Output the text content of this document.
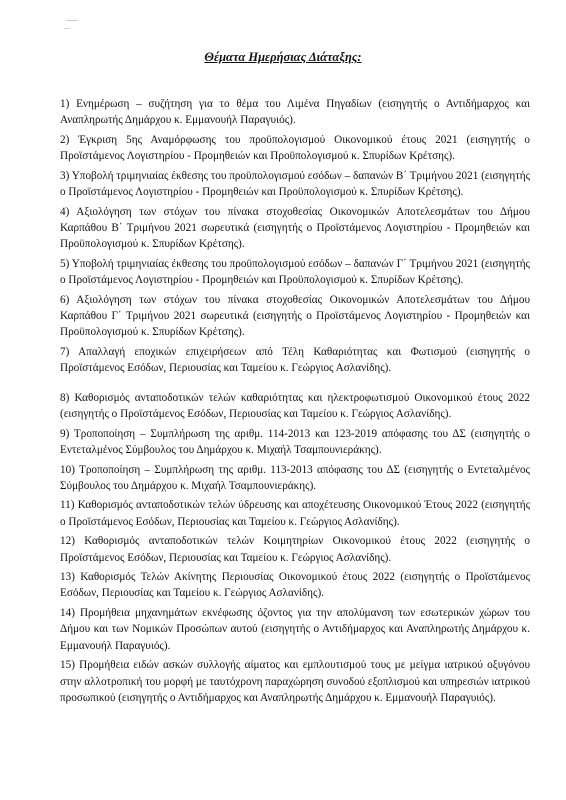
Θέματα Ημερήσιας Διάταξης:

1) Ενημέρωση – συζήτηση για το θέμα του Λιμένα Πηγαδίων (εισηγητής ο Αντιδήμαρχος και Αναπληρωτής Δημάρχου κ. Εμμανουήλ Παραγυιός).

2) Έγκριση 5ης Αναμόρφωσης του προϋπολογισμού Οικονομικού έτους 2021 (εισηγητής ο Προϊστάμενος Λογιστηρίου - Προμηθειών και Προϋπολογισμού κ. Σπυρίδων Κρέτσης).

3) Υποβολή τριμηνιαίας έκθεσης του προϋπολογισμού εσόδων – δαπανών Β΄ Τριμήνου 2021 (εισηγητής ο Προϊστάμενος Λογιστηρίου - Προμηθειών και Προϋπολογισμού κ. Σπυρίδων Κρέτσης).

4) Αξιολόγηση των στόχων του πίνακα στοχοθεσίας Οικονομικών Αποτελεσμάτων του Δήμου Καρπάθου Β΄ Τριμήνου 2021 σωρευτικά (εισηγητής ο Προϊστάμενος Λογιστηρίου - Προμηθειών και Προϋπολογισμού κ. Σπυρίδων Κρέτσης).

5) Υποβολή τριμηνιαίας έκθεσης του προϋπολογισμού εσόδων – δαπανών Γ΄ Τριμήνου 2021 (εισηγητής ο Προϊστάμενος Λογιστηρίου - Προμηθειών και Προϋπολογισμού κ. Σπυρίδων Κρέτσης).

6) Αξιολόγηση των στόχων του πίνακα στοχοθεσίας Οικονομικών Αποτελεσμάτων του Δήμου Καρπάθου Γ΄ Τριμήνου 2021 σωρευτικά (εισηγητής ο Προϊστάμενος Λογιστηρίου - Προμηθειών και Προϋπολογισμού κ. Σπυρίδων Κρέτσης).

7) Απαλλαγή εποχικών επιχειρήσεων από Τέλη Καθαριότητας και Φωτισμού (εισηγητής ο Προϊστάμενος Εσόδων, Περιουσίας και Ταμείου κ. Γεώργιος Ασλανίδης).

8) Καθορισμός ανταποδοτικών τελών καθαριότητας και ηλεκτροφωτισμού Οικονομικού έτους 2022 (εισηγητής ο Προϊστάμενος Εσόδων, Περιουσίας και Ταμείου κ. Γεώργιος Ασλανίδης).

9) Τροποποίηση – Συμπλήρωση της αριθμ. 114-2013 και 123-2019 απόφασης του ΔΣ (εισηγητής ο Εντεταλμένος Σύμβουλος του Δημάρχου κ. Μιχαήλ Τσαμπουνιεράκης).

10) Τροποποίηση – Συμπλήρωση της αριθμ. 113-2013 απόφασης του ΔΣ (εισηγητής ο Εντεταλμένος Σύμβουλος του Δημάρχου κ. Μιχαήλ Τσαμπουνιεράκης).

11) Καθορισμός ανταποδοτικών τελών ύδρευσης και αποχέτευσης Οικονομικού Έτους 2022 (εισηγητής ο Προϊστάμενος Εσόδων, Περιουσίας και Ταμείου κ. Γεώργιος Ασλανίδης).

12) Καθορισμός ανταποδοτικών τελών Κοιμητηρίων Οικονομικού έτους 2022 (εισηγητής ο Προϊστάμενος Εσόδων, Περιουσίας και Ταμείου κ. Γεώργιος Ασλανίδης).

13) Καθορισμός Τελών Ακίνητης Περιουσίας Οικονομικού έτους 2022 (εισηγητής ο Προϊστάμενος Εσόδων, Περιουσίας και Ταμείου κ. Γεώργιος Ασλανίδης).

14) Προμήθεια μηχανημάτων εκνέφωσης όζοντος για την απολύμανση των εσωτερικών χώρων του Δήμου και των Νομικών Προσώπων αυτού (εισηγητής ο Αντιδήμαρχος και Αναπληρωτής Δημάρχου κ. Εμμανουήλ Παραγυιός).

15) Προμήθεια ειδών ασκών συλλογής αίματος και εμπλουτισμού τους με μείγμα ιατρικού οξυγόνου στην αλλοτροπική του μορφή με ταυτόχρονη παραχώρηση συνοδού εξοπλισμού και υπηρεσιών ιατρικού προσωπικού (εισηγητής ο Αντιδήμαρχος και Αναπληρωτής Δημάρχου κ. Εμμανουήλ Παραγυιός).
